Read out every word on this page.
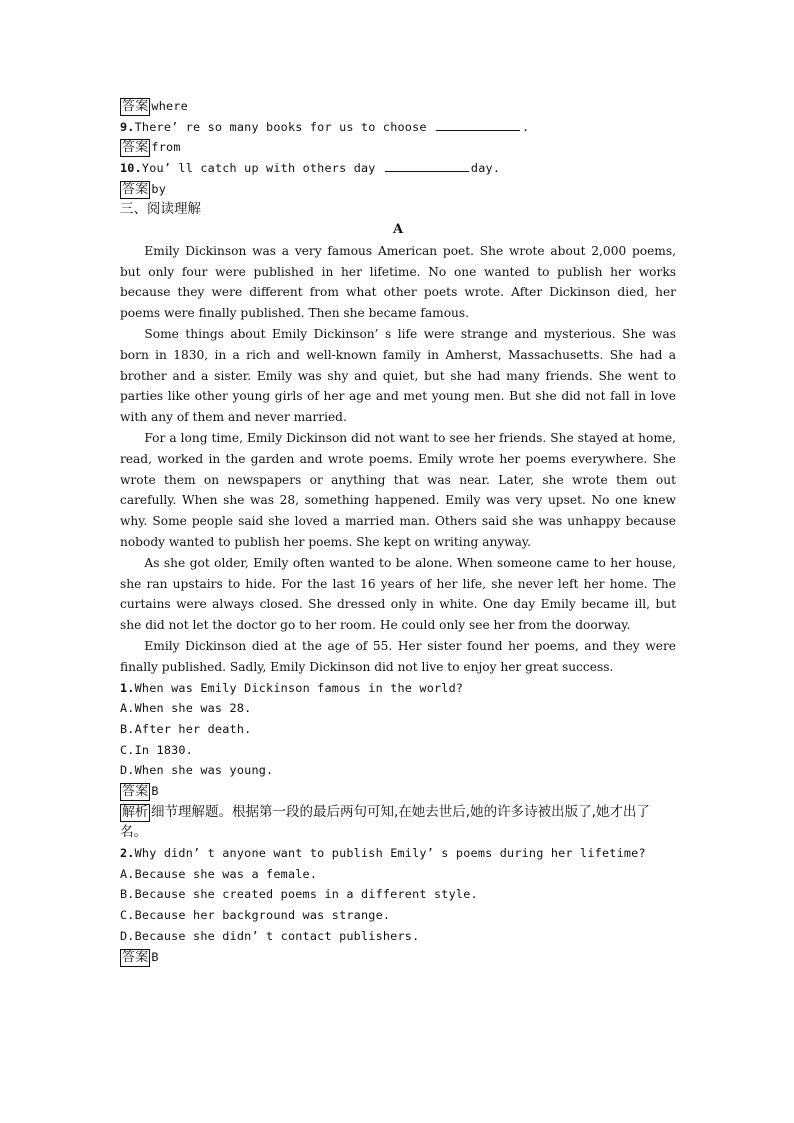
答案 where
9.There’ re so many books for us to choose	.
答案 from
10.You’ ll catch up with others day	day.
答案 by
三、阅读理解
A

Emily Dickinson was a very famous American poet. She wrote about 2,000 poems, but only four were published in her lifetime. No one wanted to publish her works because they were different from what other poets wrote. After Dickinson died, her poems were finally published. Then she became famous.

Some things about Emily Dickinson’ s life were strange and mysterious. She was born in 1830, in a rich and well-known family in Amherst, Massachusetts. She had a brother and a sister. Emily was shy and quiet, but she had many friends. She went to parties like other young girls of her age and met young men. But she did not fall in love with any of them and never married.

For a long time, Emily Dickinson did not want to see her friends. She stayed at home, read, worked in the garden and wrote poems. Emily wrote her poems everywhere. She wrote them on newspapers or anything that was near. Later, she wrote them out carefully. When she was 28, something happened. Emily was very upset. No one knew why. Some people said she loved a married man. Others said she was unhappy because nobody wanted to publish her poems. She kept on writing anyway.

As she got older, Emily often wanted to be alone. When someone came to her house, she ran upstairs to hide. For the last 16 years of her life, she never left her home. The curtains were always closed. She dressed only in white. One day Emily became ill, but she did not let the doctor go to her room. He could only see her from the doorway.

Emily Dickinson died at the age of 55. Her sister found her poems, and they were finally published. Sadly, Emily Dickinson did not live to enjoy her great success.

1.When was Emily Dickinson famous in the world?
A.When she was 28.
B.After her death.
C.In 1830.
D.When she was young.
答案 B
解析 细节理解题。根据第一段的最后两句可知,在她去世后,她的许多诗被出版了,她才出了名。
2.Why didn’ t anyone want to publish Emily’ s poems during her lifetime?
A.Because she was a female.
B.Because she created poems in a different style.
C.Because her background was strange.
D.Because she didn’ t contact publishers.
答案 B
